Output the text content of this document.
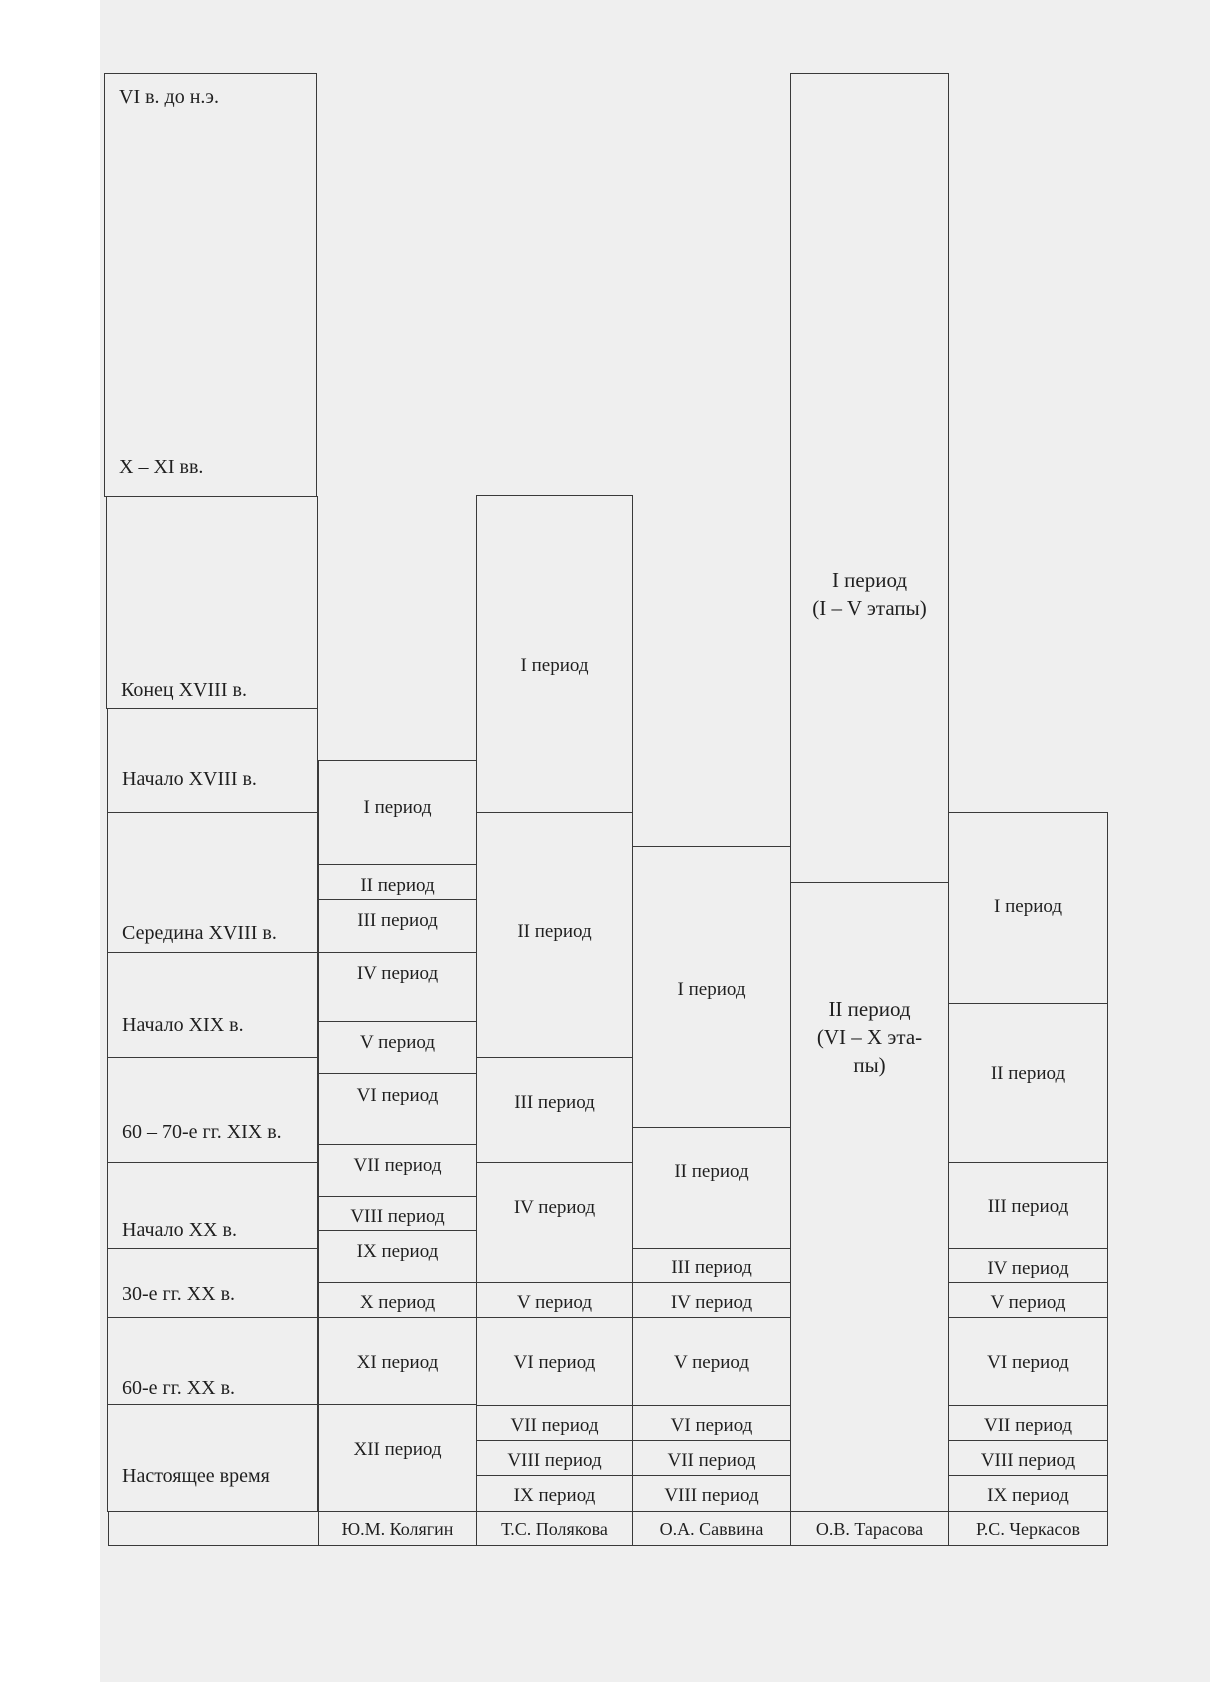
VI в. до н.э.
X – XI вв.
Конец XVIII в.
Начало XVIII в.
Середина XVIII в.
Начало XIX в.
60 – 70-е гг. XIX в.
Начало XX в.
30-е гг. XX в.
60-е гг. XX в.
Настоящее время
I период
II период
III период
IV период
V период
VI период
VII период
VIII период
IX период
X период
XI период
XII период
Ю.М. Колягин
I период
II период
III период
IV период
V период
VI период
VII период
VIII период
IX период
Т.С. Полякова
I период
II период
III период
IV период
V период
VI период
VII период
VIII период
О.А. Саввина
I период
(I – V этапы)
II период
(VI – X эта-
пы)
О.В. Тарасова
I период
II период
III период
IV период
V период
VI период
VII период
VIII период
IX период
Р.С. Черкасов
